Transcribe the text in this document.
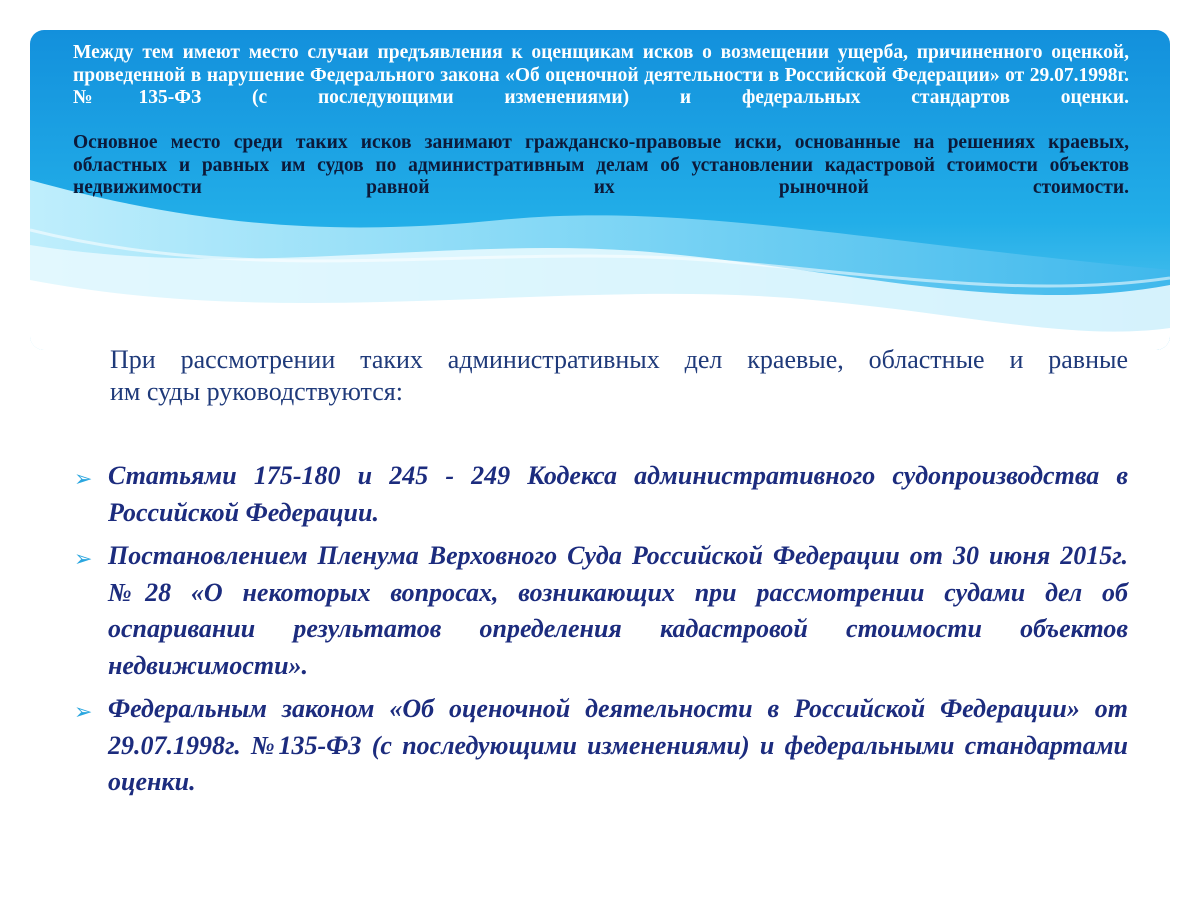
Между тем имеют место случаи предъявления к оценщикам исков о возмещении ущерба, причиненного оценкой, проведенной в нарушение Федерального закона «Об оценочной деятельности в Российской Федерации» от 29.07.1998г. №135-ФЗ (с последующими изменениями) и федеральных стандартов оценки.

Основное место среди таких исков занимают гражданско-правовые иски, основанные на решениях краевых, областных и равных им судов по административным делам об установлении кадастровой стоимости объектов недвижимости равной их рыночной стоимости.

При рассмотрении таких административных дел краевые, областные и равные
им суды руководствуются:
➢ Статьями 175-180 и 245 - 249 Кодекса административного судопроизводства в Российской Федерации.
➢ Постановлением Пленума Верховного Суда Российской Федерации от 30 июня 2015г. №28 «О некоторых вопросах, возникающих при рассмотрении судами дел об оспаривании результатов определения кадастровой стоимости объектов недвижимости».
➢ Федеральным законом «Об оценочной деятельности в Российской Федерации» от 29.07.1998г. №135-ФЗ (с последующими изменениями) и федеральными стандартами оценки.
